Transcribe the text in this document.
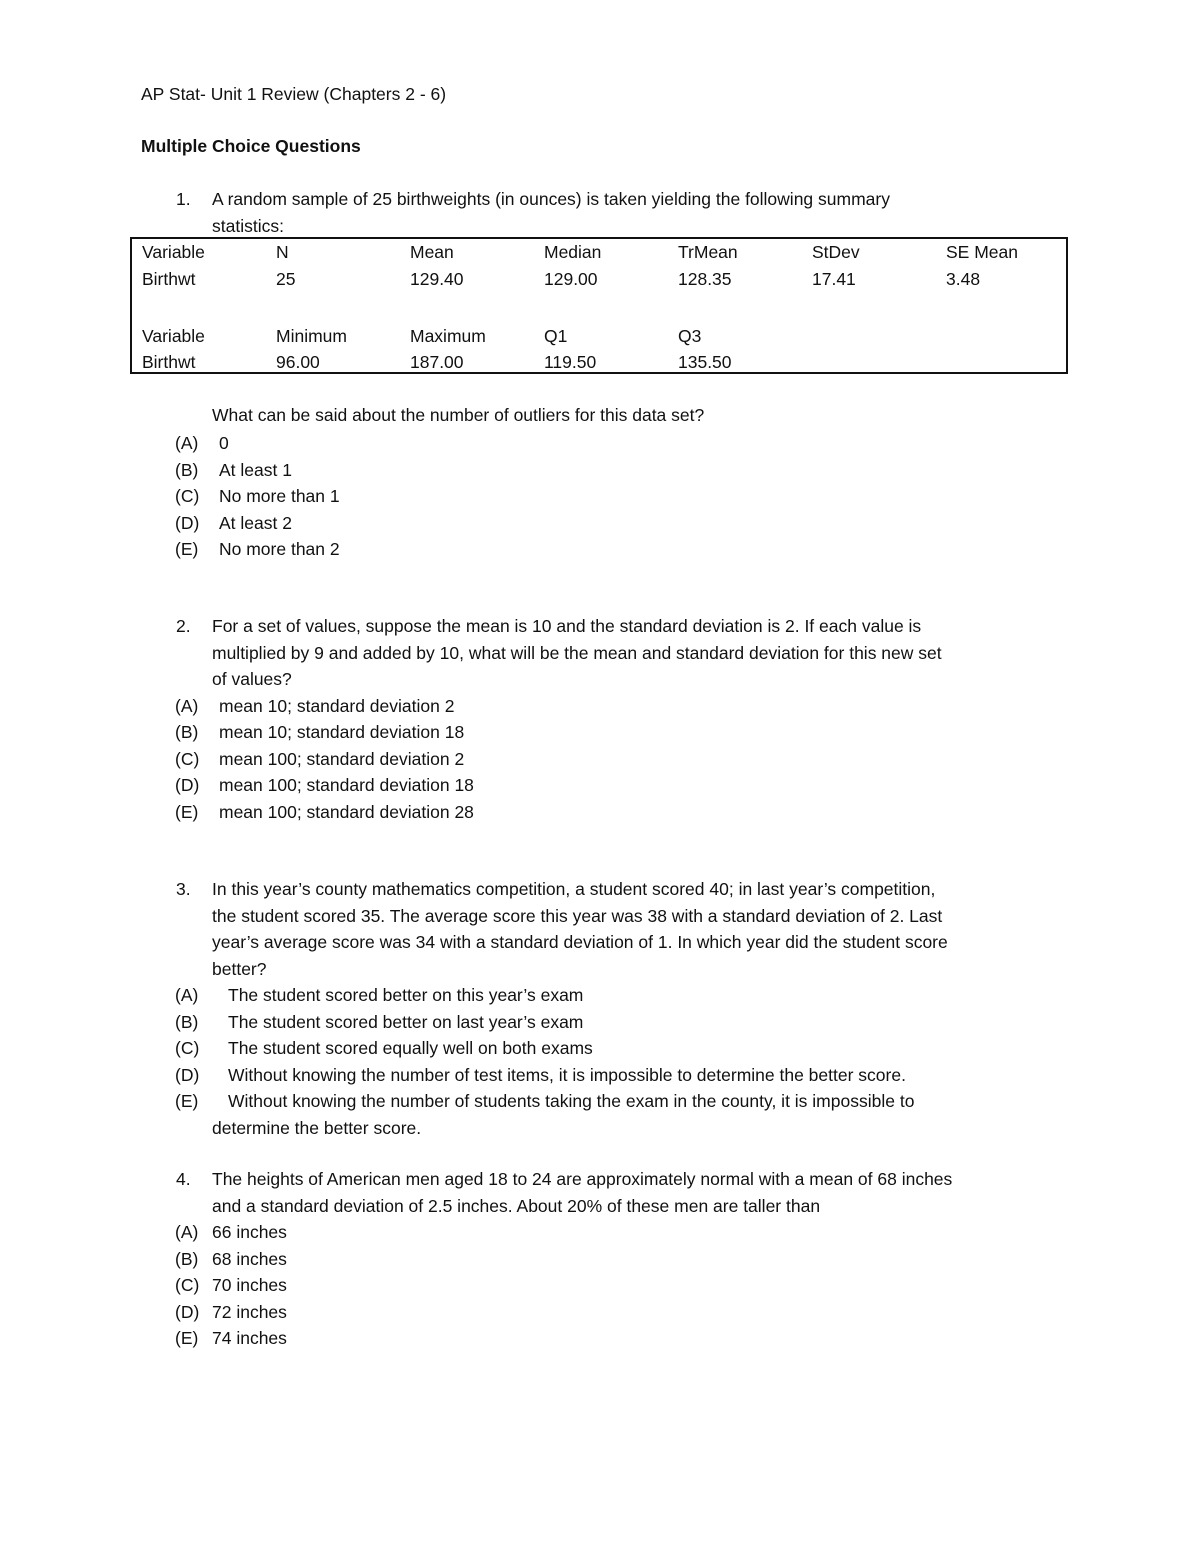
AP Stat- Unit 1 Review (Chapters 2 - 6)
Multiple Choice Questions
1.	A random sample of 25 birthweights (in ounces) is taken yielding the following summary
statistics:
Variable	N	Mean	Median	TrMean	StDev	SE Mean
Birthwt	25	129.40	129.00	128.35	17.41	3.48
Variable	Minimum	Maximum	Q1	Q3
Birthwt	96.00	187.00	119.50	135.50
What can be said about the number of outliers for this data set?
(A)	0
(B)	At least 1
(C)	No more than 1
(D)	At least 2
(E)	No more than 2
2.	For a set of values, suppose the mean is 10 and the standard deviation is 2. If each value is
multiplied by 9 and added by 10, what will be the mean and standard deviation for this new set
of values?
(A)	mean 10; standard deviation 2
(B)	mean 10; standard deviation 18
(C)	mean 100; standard deviation 2
(D)	mean 100; standard deviation 18
(E)	mean 100; standard deviation 28
3.	In this year’s county mathematics competition, a student scored 40; in last year’s competition,
the student scored 35. The average score this year was 38 with a standard deviation of 2. Last
year’s average score was 34 with a standard deviation of 1. In which year did the student score
better?
(A)	The student scored better on this year’s exam
(B)	The student scored better on last year’s exam
(C)	The student scored equally well on both exams
(D)	Without knowing the number of test items, it is impossible to determine the better score.
(E)	Without knowing the number of students taking the exam in the county, it is impossible to
determine the better score.
4.	The heights of American men aged 18 to 24 are approximately normal with a mean of 68 inches
and a standard deviation of 2.5 inches. About 20% of these men are taller than
(A) 66 inches
(B) 68 inches
(C) 70 inches
(D) 72 inches
(E) 74 inches
